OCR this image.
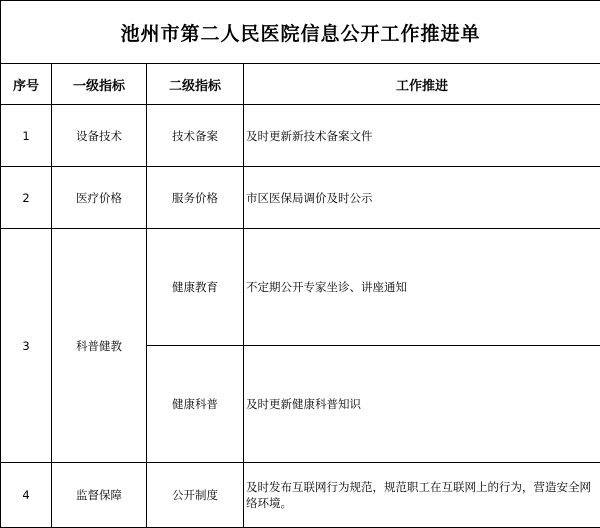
池州市第二人民医院信息公开工作推进单			
序号	一级指标	二级指标	工作推进
1	设备技术	技术备案	及时更新新技术备案文件
2	医疗价格	服务价格	市区医保局调价及时公示
3	科普健教	健康教育	不定期公开专家坐诊、讲座通知
		健康科普	及时更新健康科普知识
4	监督保障	公开制度	及时发布互联网行为规范，规范职工在互联网上的行为，营造安全网络环境。
